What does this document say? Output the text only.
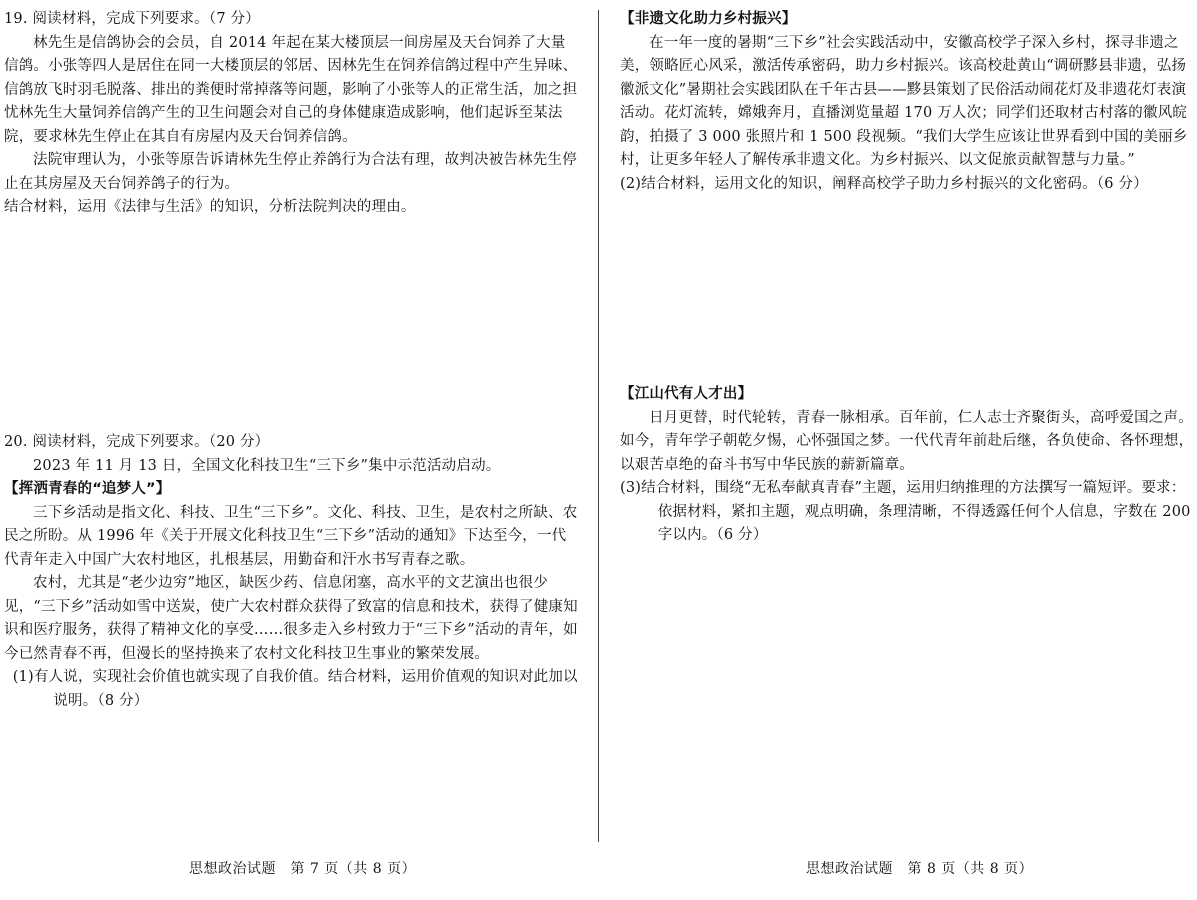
19. 阅读材料，完成下列要求。（7 分）

林先生是信鸽协会的会员，自 2014 年起在某大楼顶层一间房屋及天台饲养了大量信鸽。小张等四人是居住在同一大楼顶层的邻居、因林先生在饲养信鸽过程中产生异味、信鸽放飞时羽毛脱落、排出的粪便时常掉落等问题，影响了小张等人的正常生活，加之担忧林先生大量饲养信鸽产生的卫生问题会对自己的身体健康造成影响，他们起诉至某法院，要求林先生停止在其自有房屋内及天台饲养信鸽。

法院审理认为，小张等原告诉请林先生停止养鸽行为合法有理，故判决被告林先生停止在其房屋及天台饲养鸽子的行为。

结合材料，运用《法律与生活》的知识，分析法院判决的理由。

20. 阅读材料，完成下列要求。（20 分）

2023 年 11 月 13 日，全国文化科技卫生“三下乡”集中示范活动启动。

【挥洒青春的“追梦人”】

三下乡活动是指文化、科技、卫生“三下乡”。文化、科技、卫生，是农村之所缺、农民之所盼。从 1996 年《关于开展文化科技卫生“三下乡”活动的通知》下达至今，一代代青年走入中国广大农村地区，扎根基层，用勤奋和汗水书写青春之歌。

农村，尤其是“老少边穷”地区，缺医少药、信息闭塞，高水平的文艺演出也很少见，“三下乡”活动如雪中送炭，使广大农村群众获得了致富的信息和技术，获得了健康知识和医疗服务，获得了精神文化的享受……很多走入乡村致力于“三下乡”活动的青年，如今已然青春不再，但漫长的坚持换来了农村文化科技卫生事业的繁荣发展。

(1)有人说，实现社会价值也就实现了自我价值。结合材料，运用价值观的知识对此加以说明。（8 分）

思想政治试题　第 7 页（共 8 页）

【非遗文化助力乡村振兴】

在一年一度的暑期“三下乡”社会实践活动中，安徽高校学子深入乡村，探寻非遗之美，领略匠心风采，激活传承密码，助力乡村振兴。该高校赴黄山“调研黟县非遗，弘扬徽派文化”暑期社会实践团队在千年古县——黟县策划了民俗活动闹花灯及非遗花灯表演活动。花灯流转，嫦娥奔月，直播浏览量超 170 万人次；同学们还取材古村落的徽风皖韵，拍摄了 3 000 张照片和 1 500 段视频。“我们大学生应该让世界看到中国的美丽乡村，让更多年轻人了解传承非遗文化。为乡村振兴、以文促旅贡献智慧与力量。”

(2)结合材料，运用文化的知识，阐释高校学子助力乡村振兴的文化密码。（6 分）

【江山代有人才出】

日月更替，时代轮转，青春一脉相承。百年前，仁人志士齐聚街头，高呼爱国之声。如今，青年学子朝乾夕惕，心怀强国之梦。一代代青年前赴后继，各负使命、各怀理想，以艰苦卓绝的奋斗书写中华民族的薪新篇章。

(3)结合材料，围绕“无私奉献真青春”主题，运用归纳推理的方法撰写一篇短评。要求：依据材料，紧扣主题，观点明确，条理清晰，不得透露任何个人信息，字数在 200 字以内。（6 分）

思想政治试题　第 8 页（共 8 页）
